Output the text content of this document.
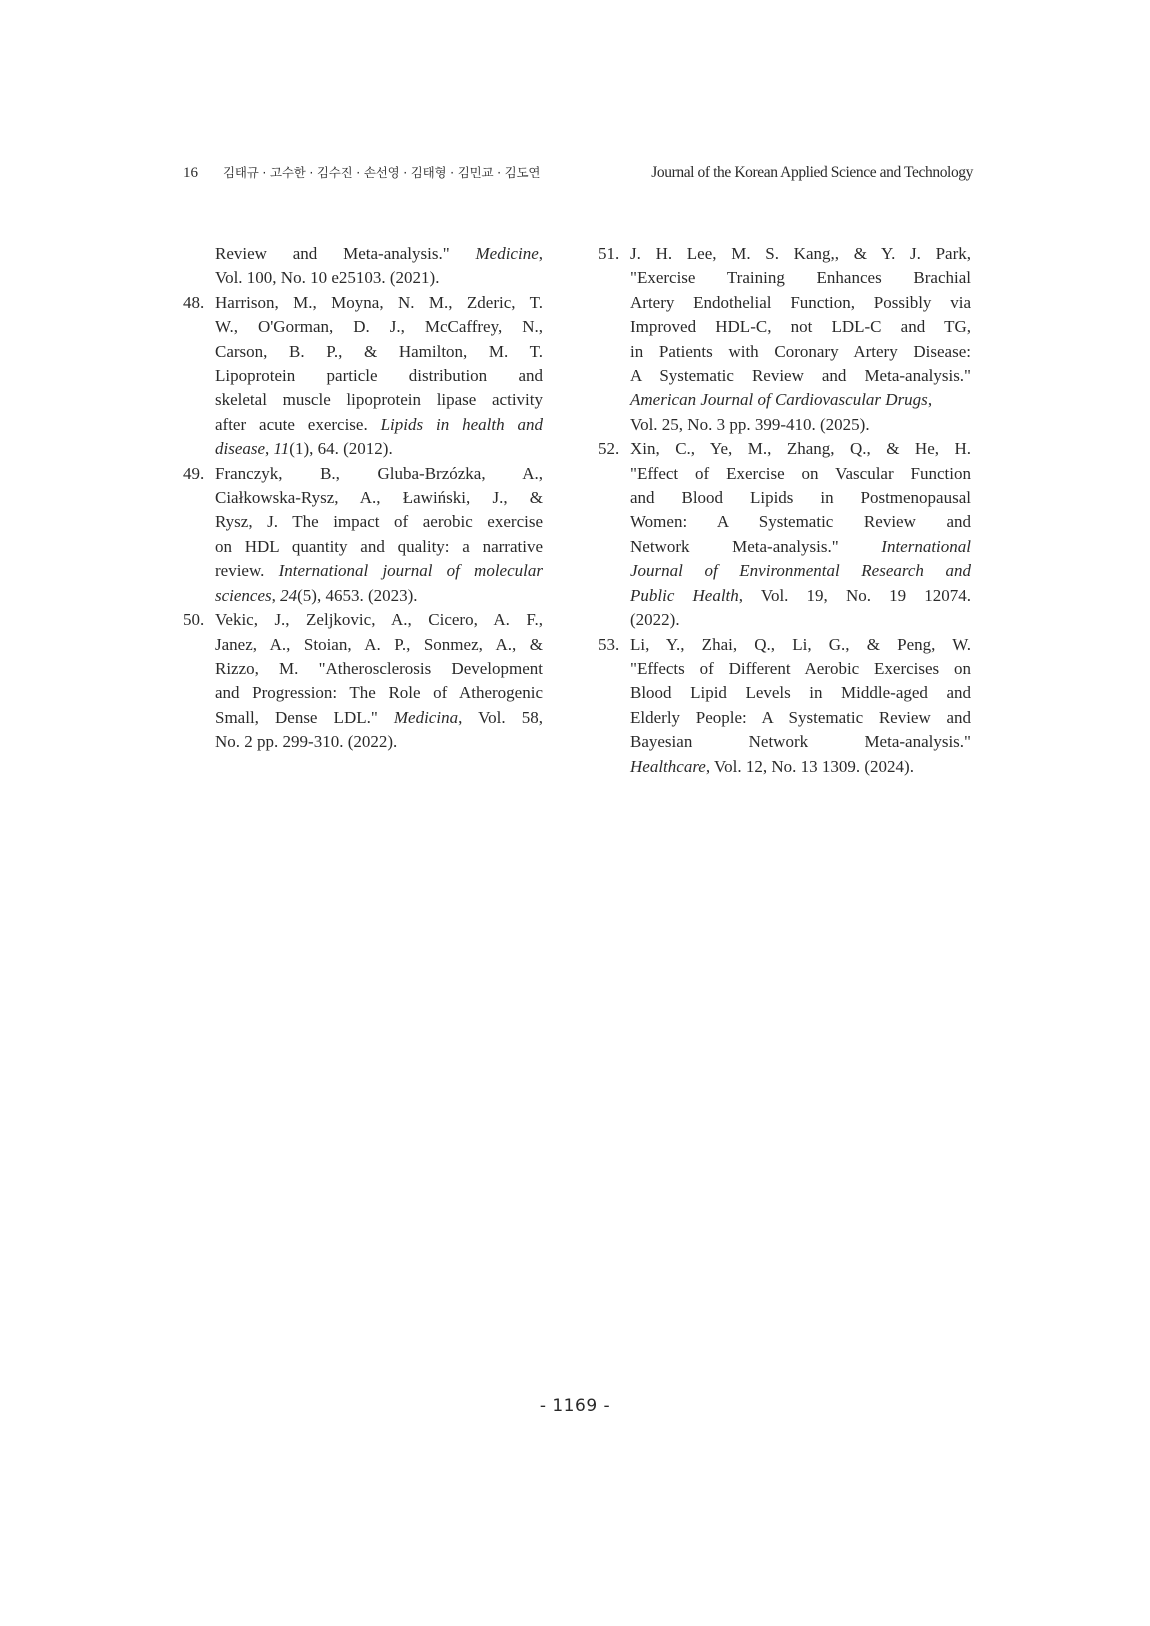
16 김태규 · 고수한 · 김수진 · 손선영 · 김태형 · 김민교 · 김도연	Journal of the Korean Applied Science and Technology
Review and Meta-analysis." Medicine,
Vol. 100, No. 10 e25103. (2021).
48. Harrison, M., Moyna, N. M., Zderic, T.
W., O'Gorman, D. J., McCaffrey, N.,
Carson, B. P., & Hamilton, M. T.
Lipoprotein particle distribution and
skeletal muscle lipoprotein lipase activity
after acute exercise. Lipids in health and
disease, 11(1), 64. (2012).
49. Franczyk, B., Gluba-Brzózka, A.,
Ciałkowska-Rysz, A., Ławiński, J., &
Rysz, J. The impact of aerobic exercise
on HDL quantity and quality: a narrative
review. International journal of molecular
sciences, 24(5), 4653. (2023).
50. Vekic, J., Zeljkovic, A., Cicero, A. F.,
Janez, A., Stoian, A. P., Sonmez, A., &
Rizzo, M. "Atherosclerosis Development
and Progression: The Role of Atherogenic
Small, Dense LDL." Medicina, Vol. 58,
No. 2 pp. 299-310. (2022).
51. J. H. Lee, M. S. Kang,, & Y. J. Park,
"Exercise Training Enhances Brachial
Artery Endothelial Function, Possibly via
Improved HDL-C, not LDL-C and TG,
in Patients with Coronary Artery Disease:
A Systematic Review and Meta-analysis."
American Journal of Cardiovascular Drugs,
Vol. 25, No. 3 pp. 399-410. (2025).
52. Xin, C., Ye, M., Zhang, Q., & He, H.
"Effect of Exercise on Vascular Function
and Blood Lipids in Postmenopausal
Women: A Systematic Review and
Network Meta-analysis." International
Journal of Environmental Research and
Public Health, Vol. 19, No. 19 12074.
(2022).
53. Li, Y., Zhai, Q., Li, G., & Peng, W.
"Effects of Different Aerobic Exercises on
Blood Lipid Levels in Middle-aged and
Elderly People: A Systematic Review and
Bayesian Network Meta-analysis."
Healthcare, Vol. 12, No. 13 1309. (2024).
- 1169 -
